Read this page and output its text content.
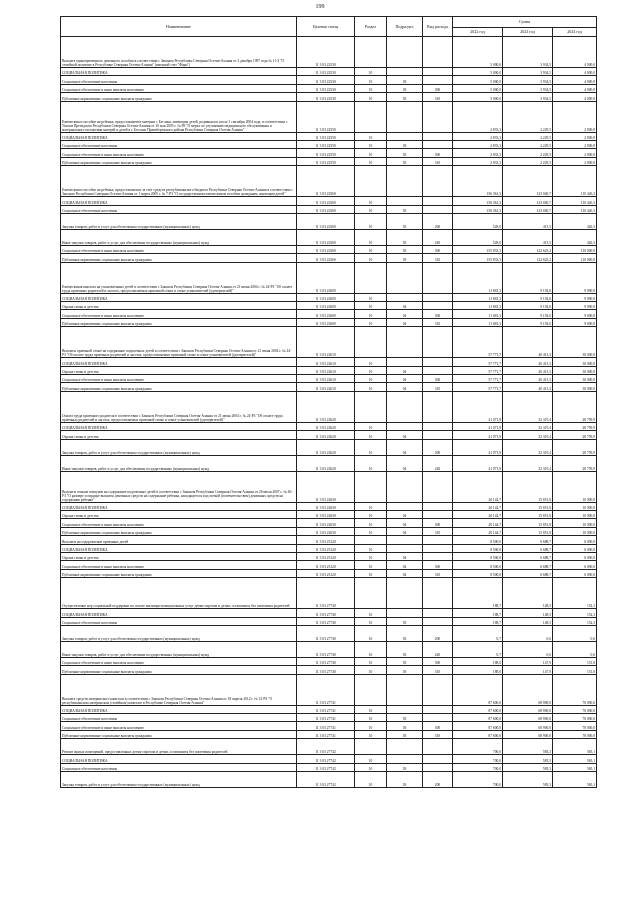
199
Наименование	Целевая статья	Раздел	Подраздел	Вид расхода	Сумма		
					2022 год	2023 год	2024 год
Выплата единовременного денежного пособия в соответствии с Законом Республики Северная Осетия-Алания от 2 декабря 1997 года № 11-З "О семейной политике в Республике Северная Осетия-Алания" (именной счет "Фарн")	11 3 03 22530				5 000,0	3 934,5	4 000,0
СОЦИАЛЬНАЯ ПОЛИТИКА	11 3 03 22530	10			5 000,0	3 934,5	4 000,0
Социальное обеспечение населения	11 3 03 22530	10	03		5 000,0	3 934,5	4 000,0
Социальное обеспечение и иные выплаты населению	11 3 03 22530	10	03	300	5 000,0	3 934,5	4 000,0
Публичные нормативные социальные выплаты гражданам	11 3 03 22530	10	03	310	5 000,0	3 934,5	4 000,0
Ежемесячное пособие на ребенка, предоставляемое матерям г. Беслана, имеющим детей, родившихся после 1 сентября 2004 года, в соответствии с Указом Президента Республики Северная Осетия-Алания от 16 мая 2005 г. № 89 "О мерах по улучшению медицинского обслуживания и материального положения матерей и детей в г. Беслане Правобережного района Республики Северная Осетия-Алания"	11 3 03 22550				2 833,3	2 229,5	2 000,0
СОЦИАЛЬНАЯ ПОЛИТИКА	11 3 03 22550	10			2 833,3	2 229,5	2 000,0
Социальное обеспечение населения	11 3 03 22550	10	03		2 833,3	2 229,5	2 000,0
Социальное обеспечение и иные выплаты населению	11 3 03 22550	10	03	300	2 833,3	2 229,5	2 000,0
Публичные нормативные социальные выплаты гражданам	11 3 03 22550	10	03	310	2 833,3	2 229,5	2 000,0
Ежемесячное пособие на ребенка, предоставляемое за счет средств республиканского бюджета Республики Северная Осетия-Алания в соответствии с Законом Республики Северная Осетия-Алания от 1 марта 2005 г. № 7-РЗ "О государственном ежемесячном пособии гражданам, имеющим детей"	11 3 03 22560				156 361,3	123 040,7	110 426,3
СОЦИАЛЬНАЯ ПОЛИТИКА	11 3 03 22560	10			156 361,3	123 040,7	110 426,3
Социальное обеспечение населения	11 3 03 22560	10	03		156 361,3	123 040,7	110 426,3
Закупка товаров, работ и услуг для обеспечения государственных (муниципальных) нужд	11 3 03 22560	10	03	200	528,0	415,5	426,3
Иные закупки товаров, работ и услуг для обеспечения государственных (муниципальных) нужд	11 3 03 22560	10	03	240	528,0	415,5	426,3
Социальное обеспечение и иные выплаты населению	11 3 03 22560	10	03	300	155 833,3	122 625,2	110 000,0
Публичные нормативные социальные выплаты гражданам	11 3 03 22560	10	03	310	155 833,3	122 625,2	110 000,0
Ежемесячная выплата на усыновленных детей в соответствии с Законом Республики Северная Осетия-Алания от 21 июня 2004 г. № 24-РЗ "Об оплате труда приемных родителей и льготах, предоставляемых приемной семье и семье усыновителей (удочерителей)"	11 3 03 22600				11 681,3	9 192,0	9 000,0
СОЦИАЛЬНАЯ ПОЛИТИКА	11 3 03 22600	10			11 681,3	9 192,0	9 000,0
Охрана семьи и детства	11 3 03 22600	10	04		11 681,3	9 192,0	9 000,0
Социальное обеспечение и иные выплаты населению	11 3 03 22600	10	04	300	11 681,3	9 192,0	9 000,0
Публичные нормативные социальные выплаты гражданам	11 3 03 22600	10	04	310	11 681,3	9 192,0	9 000,0
Выплаты приемной семье на содержание подопечных детей в соответствии с Законом Республики Северная Осетия-Алания от 21 июня 2004 г. № 24-РЗ "Об оплате труда приемных родителей и льготах, предоставляемых приемной семье и семье усыновителей (удочерителей)"	11 3 03 22610				57 771,7	40 413,3	30 000,0
СОЦИАЛЬНАЯ ПОЛИТИКА	11 3 03 22610	10			57 771,7	40 413,3	30 000,0
Охрана семьи и детства	11 3 03 22610	10	04		57 771,7	40 413,3	30 000,0
Социальное обеспечение и иные выплаты населению	11 3 03 22610	10	04	300	57 771,7	40 413,3	30 000,0
Публичные нормативные социальные выплаты гражданам	11 3 03 22610	10	04	310	57 771,7	40 413,3	30 000,0
Оплата труда приемного родителя в соответствии с Законом Республики Северная Осетия-Алания от 21 июня 2004 г. № 24-РЗ "Об оплате труда приемных родителей и льготах, предоставляемых приемной семье и семье усыновителей (удочерителей)"	11 3 03 22620				41 071,8	32 319,4	28 759,9
СОЦИАЛЬНАЯ ПОЛИТИКА	11 3 03 22620	10			41 071,8	32 319,4	28 759,9
Охрана семьи и детства	11 3 03 22620	10	04		41 071,8	32 319,4	28 759,9
Закупка товаров, работ и услуг для обеспечения государственных (муниципальных) нужд	11 3 03 22620	10	04	200	41 071,8	32 319,4	28 759,9
Иные закупки товаров, работ и услуг для обеспечения государственных (муниципальных) нужд	11 3 03 22620	10	04	240	41 071,8	32 319,4	28 759,9
Выплаты семьям опекунов на содержание подопечных детей в соответствии с Законом Республики Северная Осетия-Алания от 26 июля 2007 г. № 46-РЗ "О размере и порядке выплаты денежных средств на содержание ребенка, находящегося под опекой (попечительством) денежных средств на содержание ребенка"	11 3 03 22630				20 144,7	15 851,8	10 000,0
СОЦИАЛЬНАЯ ПОЛИТИКА	11 3 03 22630	10			20 144,7	15 851,8	10 000,0
Охрана семьи и детства	11 3 03 22630	10	04		20 144,7	15 851,8	10 000,0
Социальное обеспечение и иные выплаты населению	11 3 03 22630	10	04	300	20 144,7	15 851,8	10 000,0
Публичные нормативные социальные выплаты гражданам	11 3 03 22630	10	04	310	20 144,7	15 851,8	10 000,0
Выплаты на оздоровление приемных детей	11 3 03 23120				8 500,0	6 688,7	6 000,0
СОЦИАЛЬНАЯ ПОЛИТИКА	11 3 03 23120	10			8 500,0	6 688,7	6 000,0
Охрана семьи и детства	11 3 03 23120	10	04		8 500,0	6 688,7	6 000,0
Социальное обеспечение и иные выплаты населению	11 3 03 23120	10	04	300	8 500,0	6 688,7	6 000,0
Публичные нормативные социальные выплаты гражданам	11 3 03 23120	10	04	310	8 500,0	6 688,7	6 000,0
Осуществление мер социальной поддержки по оплате жилищно-коммунальных услуг детям-сиротам и детям, оставшимся без попечения родителей	11 3 03 27740				188,7	148,5	152,3
СОЦИАЛЬНАЯ ПОЛИТИКА	11 3 03 27740	10			188,7	148,5	152,3
Социальное обеспечение населения	11 3 03 27740	10	03		188,7	148,5	152,3
Закупка товаров, работ и услуг для обеспечения государственных (муниципальных) нужд	11 3 03 27740	10	03	200	0,7	0,6	0,6
Иные закупки товаров, работ и услуг для обеспечения государственных (муниципальных) нужд	11 3 03 27740	10	03	240	0,7	0,6	0,6
Социальное обеспечение и иные выплаты населению	11 3 03 27740	10	03	300	188,0	147,9	151,8
Публичные нормативные социальные выплаты гражданам	11 3 03 27740	10	03	310	188,0	147,9	151,8
Выплата средств материнского капитала в соответствии с Законом Республики Северная Осетия-Алания от 18 апреля 2012 г. № 12-РЗ "О республиканском материнском (семейном) капитале в Республике Северная Осетия-Алания"	11 3 03 27741				87 600,0	68 900,0	70 000,0
СОЦИАЛЬНАЯ ПОЛИТИКА	11 3 03 27741	10			87 600,0	68 900,0	70 000,0
Социальное обеспечение населения	11 3 03 27741	10	03		87 600,0	68 900,0	70 000,0
Социальное обеспечение и иные выплаты населению	11 3 03 27741	10	03	300	87 600,0	68 900,0	70 000,0
Публичные нормативные социальные выплаты гражданам	11 3 03 27741	10	03	310	87 600,0	68 900,0	70 000,0
Ремонт жилых помещений, предоставленных детям-сиротам и детям, оставшимся без попечения родителей	11 3 03 27742				700,0	583,3	565,1
СОЦИАЛЬНАЯ ПОЛИТИКА	11 3 03 27742	10			700,0	583,3	565,1
Социальное обеспечение населения	11 3 03 27742	10	03		700,0	583,3	565,1
Закупка товаров, работ и услуг для обеспечения государственных (муниципальных) нужд	11 3 03 27742	10	03	200	700,0	583,3	565,1
